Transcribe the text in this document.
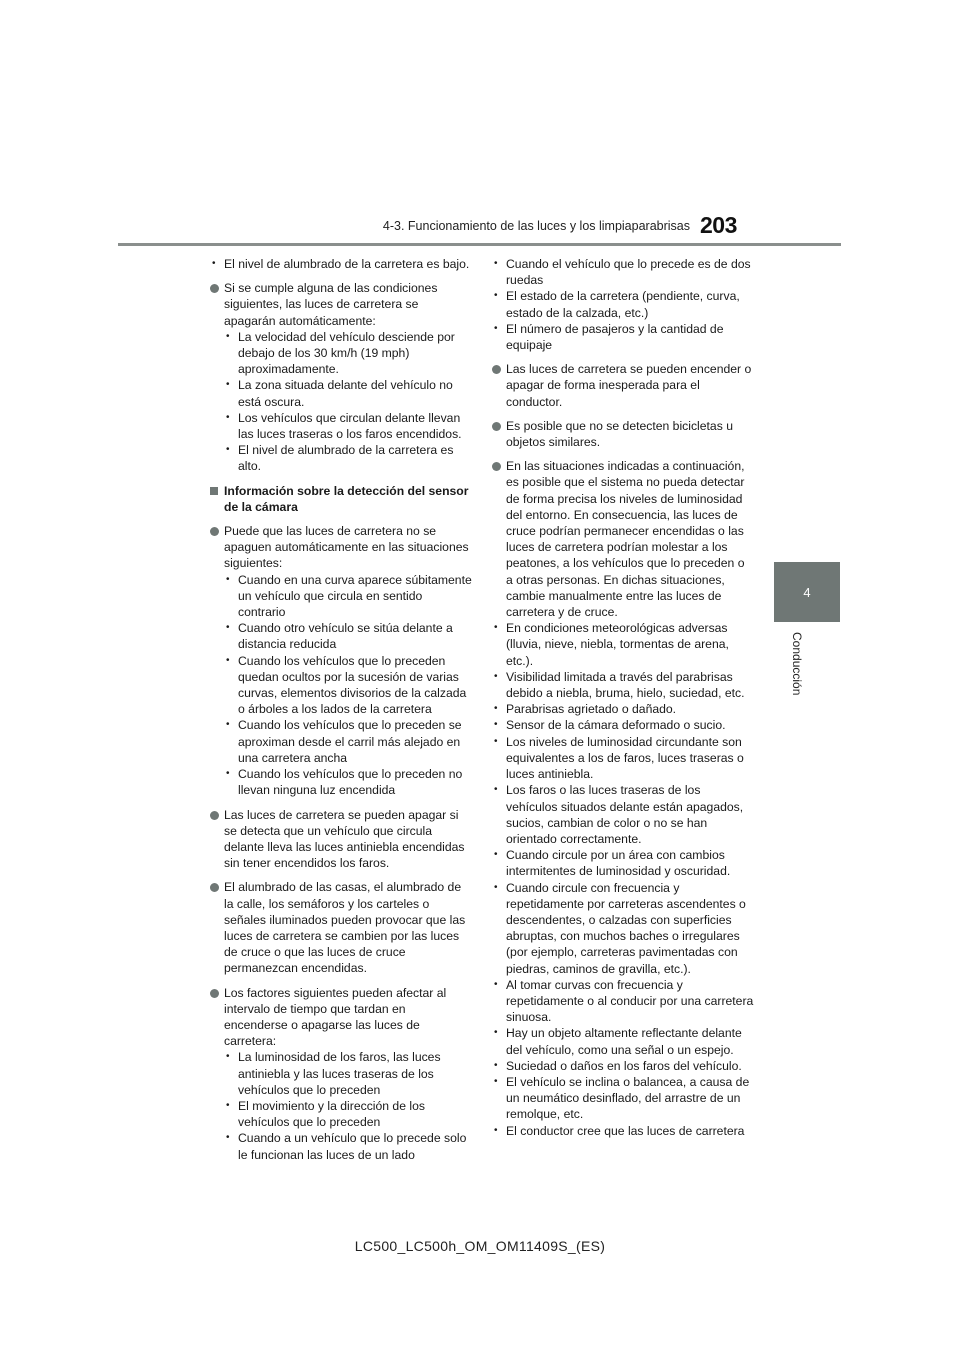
4-3. Funcionamiento de las luces y los limpiaparabrisas 203
4
Conducción
• El nivel de alumbrado de la carretera es bajo.
Si se cumple alguna de las condiciones siguientes, las luces de carretera se apagarán automáticamente:
• La velocidad del vehículo desciende por debajo de los 30 km/h (19 mph) aproximadamente.
• La zona situada delante del vehículo no está oscura.
• Los vehículos que circulan delante llevan las luces traseras o los faros encendidos.
• El nivel de alumbrado de la carretera es alto.
Información sobre la detección del sensor de la cámara
Puede que las luces de carretera no se apaguen automáticamente en las situaciones siguientes:
• Cuando en una curva aparece súbitamente un vehículo que circula en sentido contrario
• Cuando otro vehículo se sitúa delante a distancia reducida
• Cuando los vehículos que lo preceden quedan ocultos por la sucesión de varias curvas, elementos divisorios de la calzada o árboles a los lados de la carretera
• Cuando los vehículos que lo preceden se aproximan desde el carril más alejado en una carretera ancha
• Cuando los vehículos que lo preceden no llevan ninguna luz encendida
Las luces de carretera se pueden apagar si se detecta que un vehículo que circula delante lleva las luces antiniebla encendidas sin tener encendidos los faros.
El alumbrado de las casas, el alumbrado de la calle, los semáforos y los carteles o señales iluminados pueden provocar que las luces de carretera se cambien por las luces de cruce o que las luces de cruce permanezcan encendidas.
Los factores siguientes pueden afectar al intervalo de tiempo que tardan en encenderse o apagarse las luces de carretera:
• La luminosidad de los faros, las luces antiniebla y las luces traseras de los vehículos que lo preceden
• El movimiento y la dirección de los vehículos que lo preceden
• Cuando a un vehículo que lo precede solo le funcionan las luces de un lado
• Cuando el vehículo que lo precede es de dos ruedas
• El estado de la carretera (pendiente, curva, estado de la calzada, etc.)
• El número de pasajeros y la cantidad de equipaje
Las luces de carretera se pueden encender o apagar de forma inesperada para el conductor.
Es posible que no se detecten bicicletas u objetos similares.
En las situaciones indicadas a continuación, es posible que el sistema no pueda detectar de forma precisa los niveles de luminosidad del entorno. En consecuencia, las luces de cruce podrían permanecer encendidas o las luces de carretera podrían molestar a los peatones, a los vehículos que lo preceden o a otras personas. En dichas situaciones, cambie manualmente entre las luces de carretera y de cruce.
• En condiciones meteorológicas adversas (lluvia, nieve, niebla, tormentas de arena, etc.).
• Visibilidad limitada a través del parabrisas debido a niebla, bruma, hielo, suciedad, etc.
• Parabrisas agrietado o dañado.
• Sensor de la cámara deformado o sucio.
• Los niveles de luminosidad circundante son equivalentes a los de faros, luces traseras o luces antiniebla.
• Los faros o las luces traseras de los vehículos situados delante están apagados, sucios, cambian de color o no se han orientado correctamente.
• Cuando circule por un área con cambios intermitentes de luminosidad y oscuridad.
• Cuando circule con frecuencia y repetidamente por carreteras ascendentes o descendentes, o calzadas con superficies abruptas, con muchos baches o irregulares (por ejemplo, carreteras pavimentadas con piedras, caminos de gravilla, etc.).
• Al tomar curvas con frecuencia y repetidamente o al conducir por una carretera sinuosa.
• Hay un objeto altamente reflectante delante del vehículo, como una señal o un espejo.
• Suciedad o daños en los faros del vehículo.
• El vehículo se inclina o balancea, a causa de un neumático desinflado, del arrastre de un remolque, etc.
• El conductor cree que las luces de carretera
LC500_LC500h_OM_OM11409S_(ES)
